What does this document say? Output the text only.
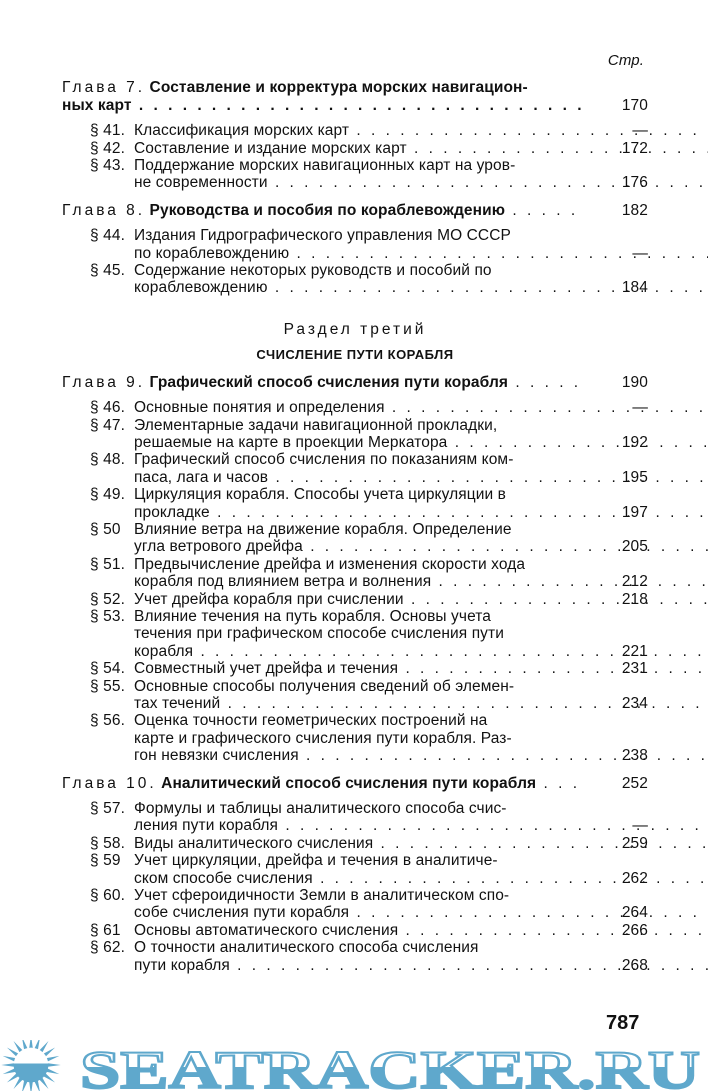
Стр.
Глава 7. Составление и корректура морских навигацион-
ных карт . . .	170
§ 41. Классификация морских карт . . .	—
§ 42. Составление и издание морских карт . . .	172
§ 43. Поддержание морских навигационных карт на уров-
не современности . . .	176
Глава 8. Руководства и пособия по кораблевождению . . .	182
§ 44. Издания Гидрографического управления МО СССР
по кораблевождению . . .	—
§ 45. Содержание некоторых руководств и пособий по
кораблевождению . . .	184
Раздел третий
СЧИСЛЕНИЕ ПУТИ КОРАБЛЯ
Глава 9. Графический способ счисления пути корабля . . .	190
§ 46. Основные понятия и определения . . .	—
§ 47. Элементарные задачи навигационной прокладки,
решаемые на карте в проекции Меркатора . . .	192
§ 48. Графический способ счисления по показаниям ком-
паса, лага и часов . . .	195
§ 49. Циркуляция корабля. Способы учета циркуляции в
прокладке . . .	197
§ 50 Влияние ветра на движение корабля. Определение
угла ветрового дрейфа . . .	205
§ 51. Предвычисление дрейфа и изменения скорости хода
корабля под влиянием ветра и волнения . . .	212
§ 52. Учет дрейфа корабля при счислении . . .	218
§ 53. Влияние течения на путь корабля. Основы учета
течения при графическом способе счисления пути
корабля . . .	221
§ 54. Совместный учет дрейфа и течения . . .	231
§ 55. Основные способы получения сведений об элемен-
тах течений . . .	234
§ 56. Оценка точности геометрических построений на
карте и графического счисления пути корабля. Раз-
гон невязки счисления . . .	238
Глава 10. Аналитический способ счисления пути корабля . . .	252
§ 57. Формулы и таблицы аналитического способа счис-
ления пути корабля . . .	—
§ 58. Виды аналитического счисления . . .	259
§ 59 Учет циркуляции, дрейфа и течения в аналитиче-
ском способе счисления . . .	262
§ 60. Учет сфероидичности Земли в аналитическом спо-
собе счисления пути корабля . . .	264
§ 61 Основы автоматического счисления . . .	266
§ 62. О точности аналитического способа счисления
пути корабля . . .	268
787
SEATRACKER.RU
